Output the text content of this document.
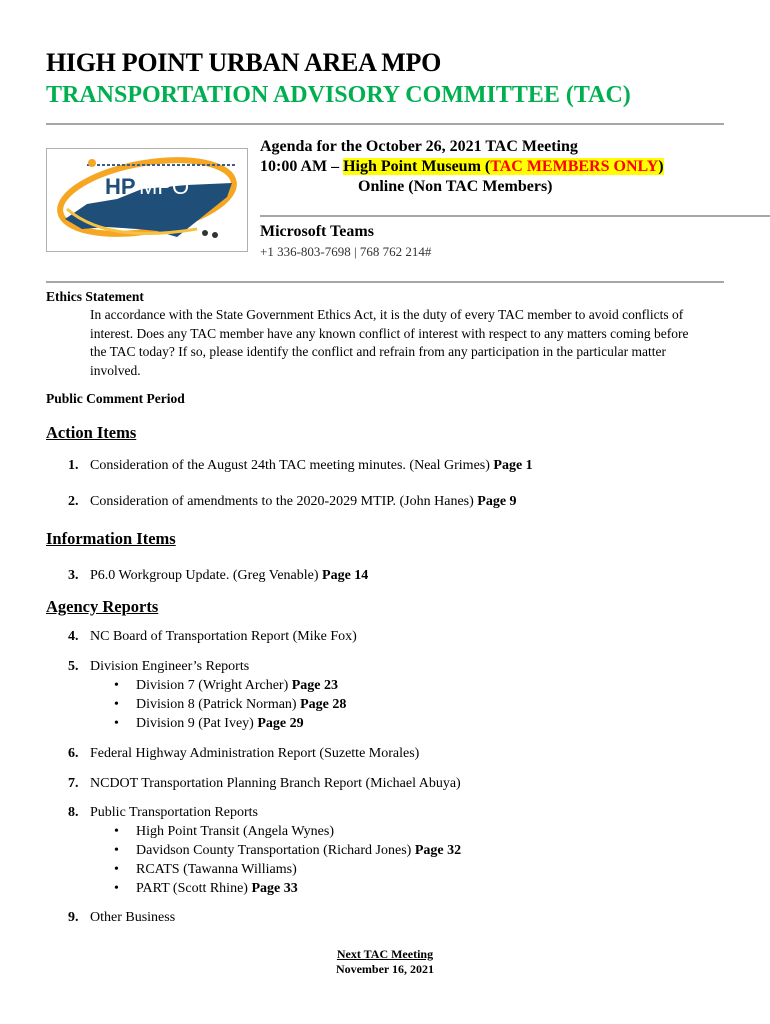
HIGH POINT URBAN AREA MPO
TRANSPORTATION ADVISORY COMMITTEE (TAC)
HP MPO
Agenda for the October 26, 2021 TAC Meeting
10:00 AM – High Point Museum (TAC MEMBERS ONLY)
Online (Non TAC Members)
Microsoft Teams
+1 336-803-7698 | 768 762 214#
Ethics Statement
In accordance with the State Government Ethics Act, it is the duty of every TAC member to avoid conflicts of interest. Does any TAC member have any known conflict of interest with respect to any matters coming before the TAC today? If so, please identify the conflict and refrain from any participation in the particular matter involved.
Public Comment Period
Action Items
1. Consideration of the August 24th TAC meeting minutes. (Neal Grimes) Page 1
2. Consideration of amendments to the 2020-2029 MTIP. (John Hanes) Page 9
Information Items
3. P6.0 Workgroup Update. (Greg Venable) Page 14
Agency Reports
4. NC Board of Transportation Report (Mike Fox)
5. Division Engineer’s Reports
• Division 7 (Wright Archer) Page 23
• Division 8 (Patrick Norman) Page 28
• Division 9 (Pat Ivey) Page 29
6. Federal Highway Administration Report (Suzette Morales)
7. NCDOT Transportation Planning Branch Report (Michael Abuya)
8. Public Transportation Reports
• High Point Transit (Angela Wynes)
• Davidson County Transportation (Richard Jones) Page 32
• RCATS (Tawanna Williams)
• PART (Scott Rhine) Page 33
9. Other Business
Next TAC Meeting
November 16, 2021
